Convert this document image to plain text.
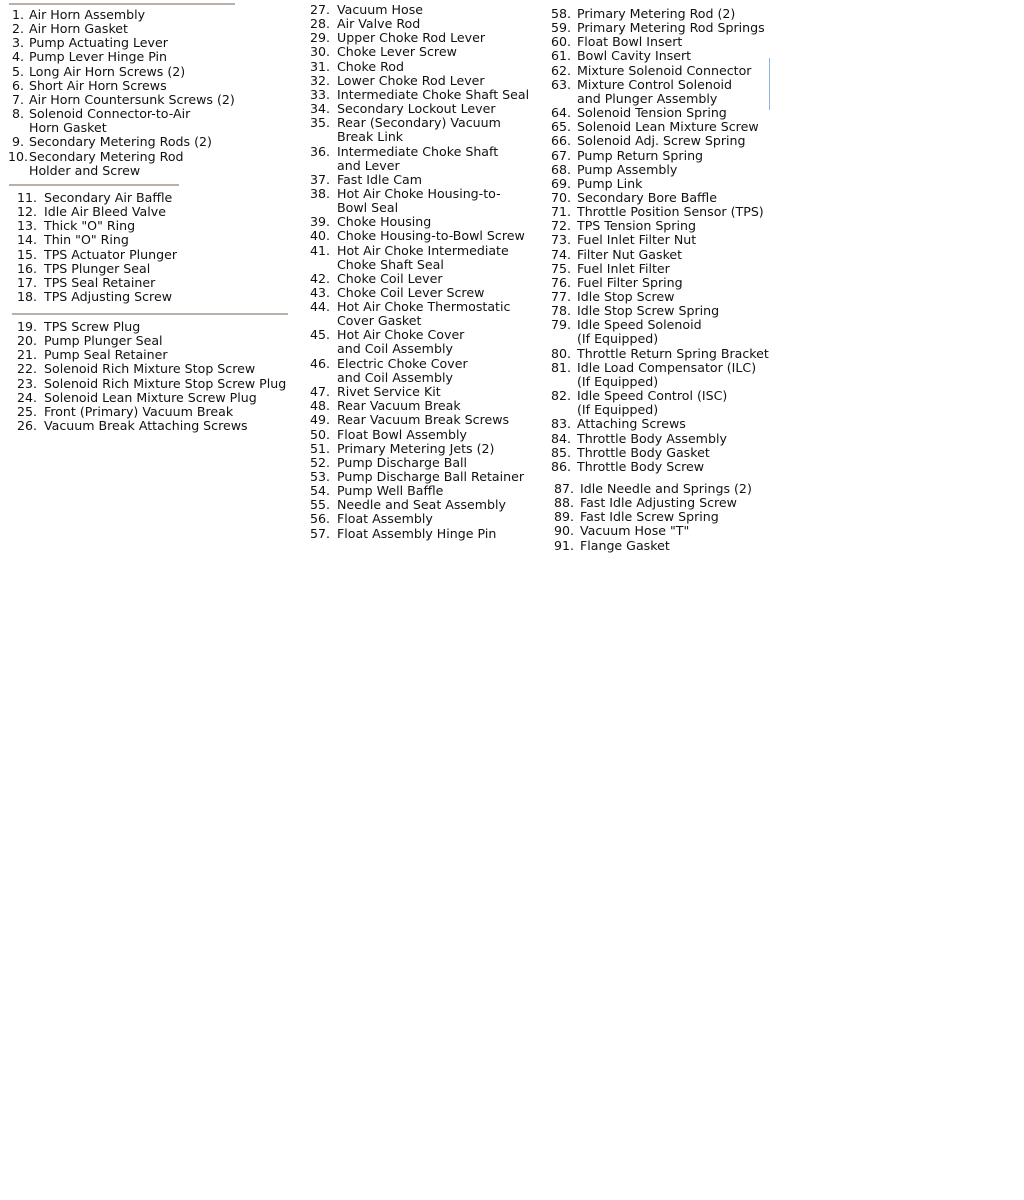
1. Air Horn Assembly
2. Air Horn Gasket
3. Pump Actuating Lever
4. Pump Lever Hinge Pin
5. Long Air Horn Screws (2)
6. Short Air Horn Screws
7. Air Horn Countersunk Screws (2)
8. Solenoid Connector-to-Air
Horn Gasket
9. Secondary Metering Rods (2)
10. Secondary Metering Rod
Holder and Screw
11. Secondary Air Baffle
12. Idle Air Bleed Valve
13. Thick "O" Ring
14. Thin "O" Ring
15. TPS Actuator Plunger
16. TPS Plunger Seal
17. TPS Seal Retainer
18. TPS Adjusting Screw
19. TPS Screw Plug
20. Pump Plunger Seal
21. Pump Seal Retainer
22. Solenoid Rich Mixture Stop Screw
23. Solenoid Rich Mixture Stop Screw Plug
24. Solenoid Lean Mixture Screw Plug
25. Front (Primary) Vacuum Break
26. Vacuum Break Attaching Screws
27. Vacuum Hose
28. Air Valve Rod
29. Upper Choke Rod Lever
30. Choke Lever Screw
31. Choke Rod
32. Lower Choke Rod Lever
33. Intermediate Choke Shaft Seal
34. Secondary Lockout Lever
35. Rear (Secondary) Vacuum
Break Link
36. Intermediate Choke Shaft
and Lever
37. Fast Idle Cam
38. Hot Air Choke Housing-to-
Bowl Seal
39. Choke Housing
40. Choke Housing-to-Bowl Screw
41. Hot Air Choke Intermediate
Choke Shaft Seal
42. Choke Coil Lever
43. Choke Coil Lever Screw
44. Hot Air Choke Thermostatic
Cover Gasket
45. Hot Air Choke Cover
and Coil Assembly
46. Electric Choke Cover
and Coil Assembly
47. Rivet Service Kit
48. Rear Vacuum Break
49. Rear Vacuum Break Screws
50. Float Bowl Assembly
51. Primary Metering Jets (2)
52. Pump Discharge Ball
53. Pump Discharge Ball Retainer
54. Pump Well Baffle
55. Needle and Seat Assembly
56. Float Assembly
57. Float Assembly Hinge Pin
58. Primary Metering Rod (2)
59. Primary Metering Rod Springs
60. Float Bowl Insert
61. Bowl Cavity Insert
62. Mixture Solenoid Connector
63. Mixture Control Solenoid
and Plunger Assembly
64. Solenoid Tension Spring
65. Solenoid Lean Mixture Screw
66. Solenoid Adj. Screw Spring
67. Pump Return Spring
68. Pump Assembly
69. Pump Link
70. Secondary Bore Baffle
71. Throttle Position Sensor (TPS)
72. TPS Tension Spring
73. Fuel Inlet Filter Nut
74. Filter Nut Gasket
75. Fuel Inlet Filter
76. Fuel Filter Spring
77. Idle Stop Screw
78. Idle Stop Screw Spring
79. Idle Speed Solenoid
(If Equipped)
80. Throttle Return Spring Bracket
81. Idle Load Compensator (ILC)
(If Equipped)
82. Idle Speed Control (ISC)
(If Equipped)
83. Attaching Screws
84. Throttle Body Assembly
85. Throttle Body Gasket
86. Throttle Body Screw
87. Idle Needle and Springs (2)
88. Fast Idle Adjusting Screw
89. Fast Idle Screw Spring
90. Vacuum Hose "T"
91. Flange Gasket
